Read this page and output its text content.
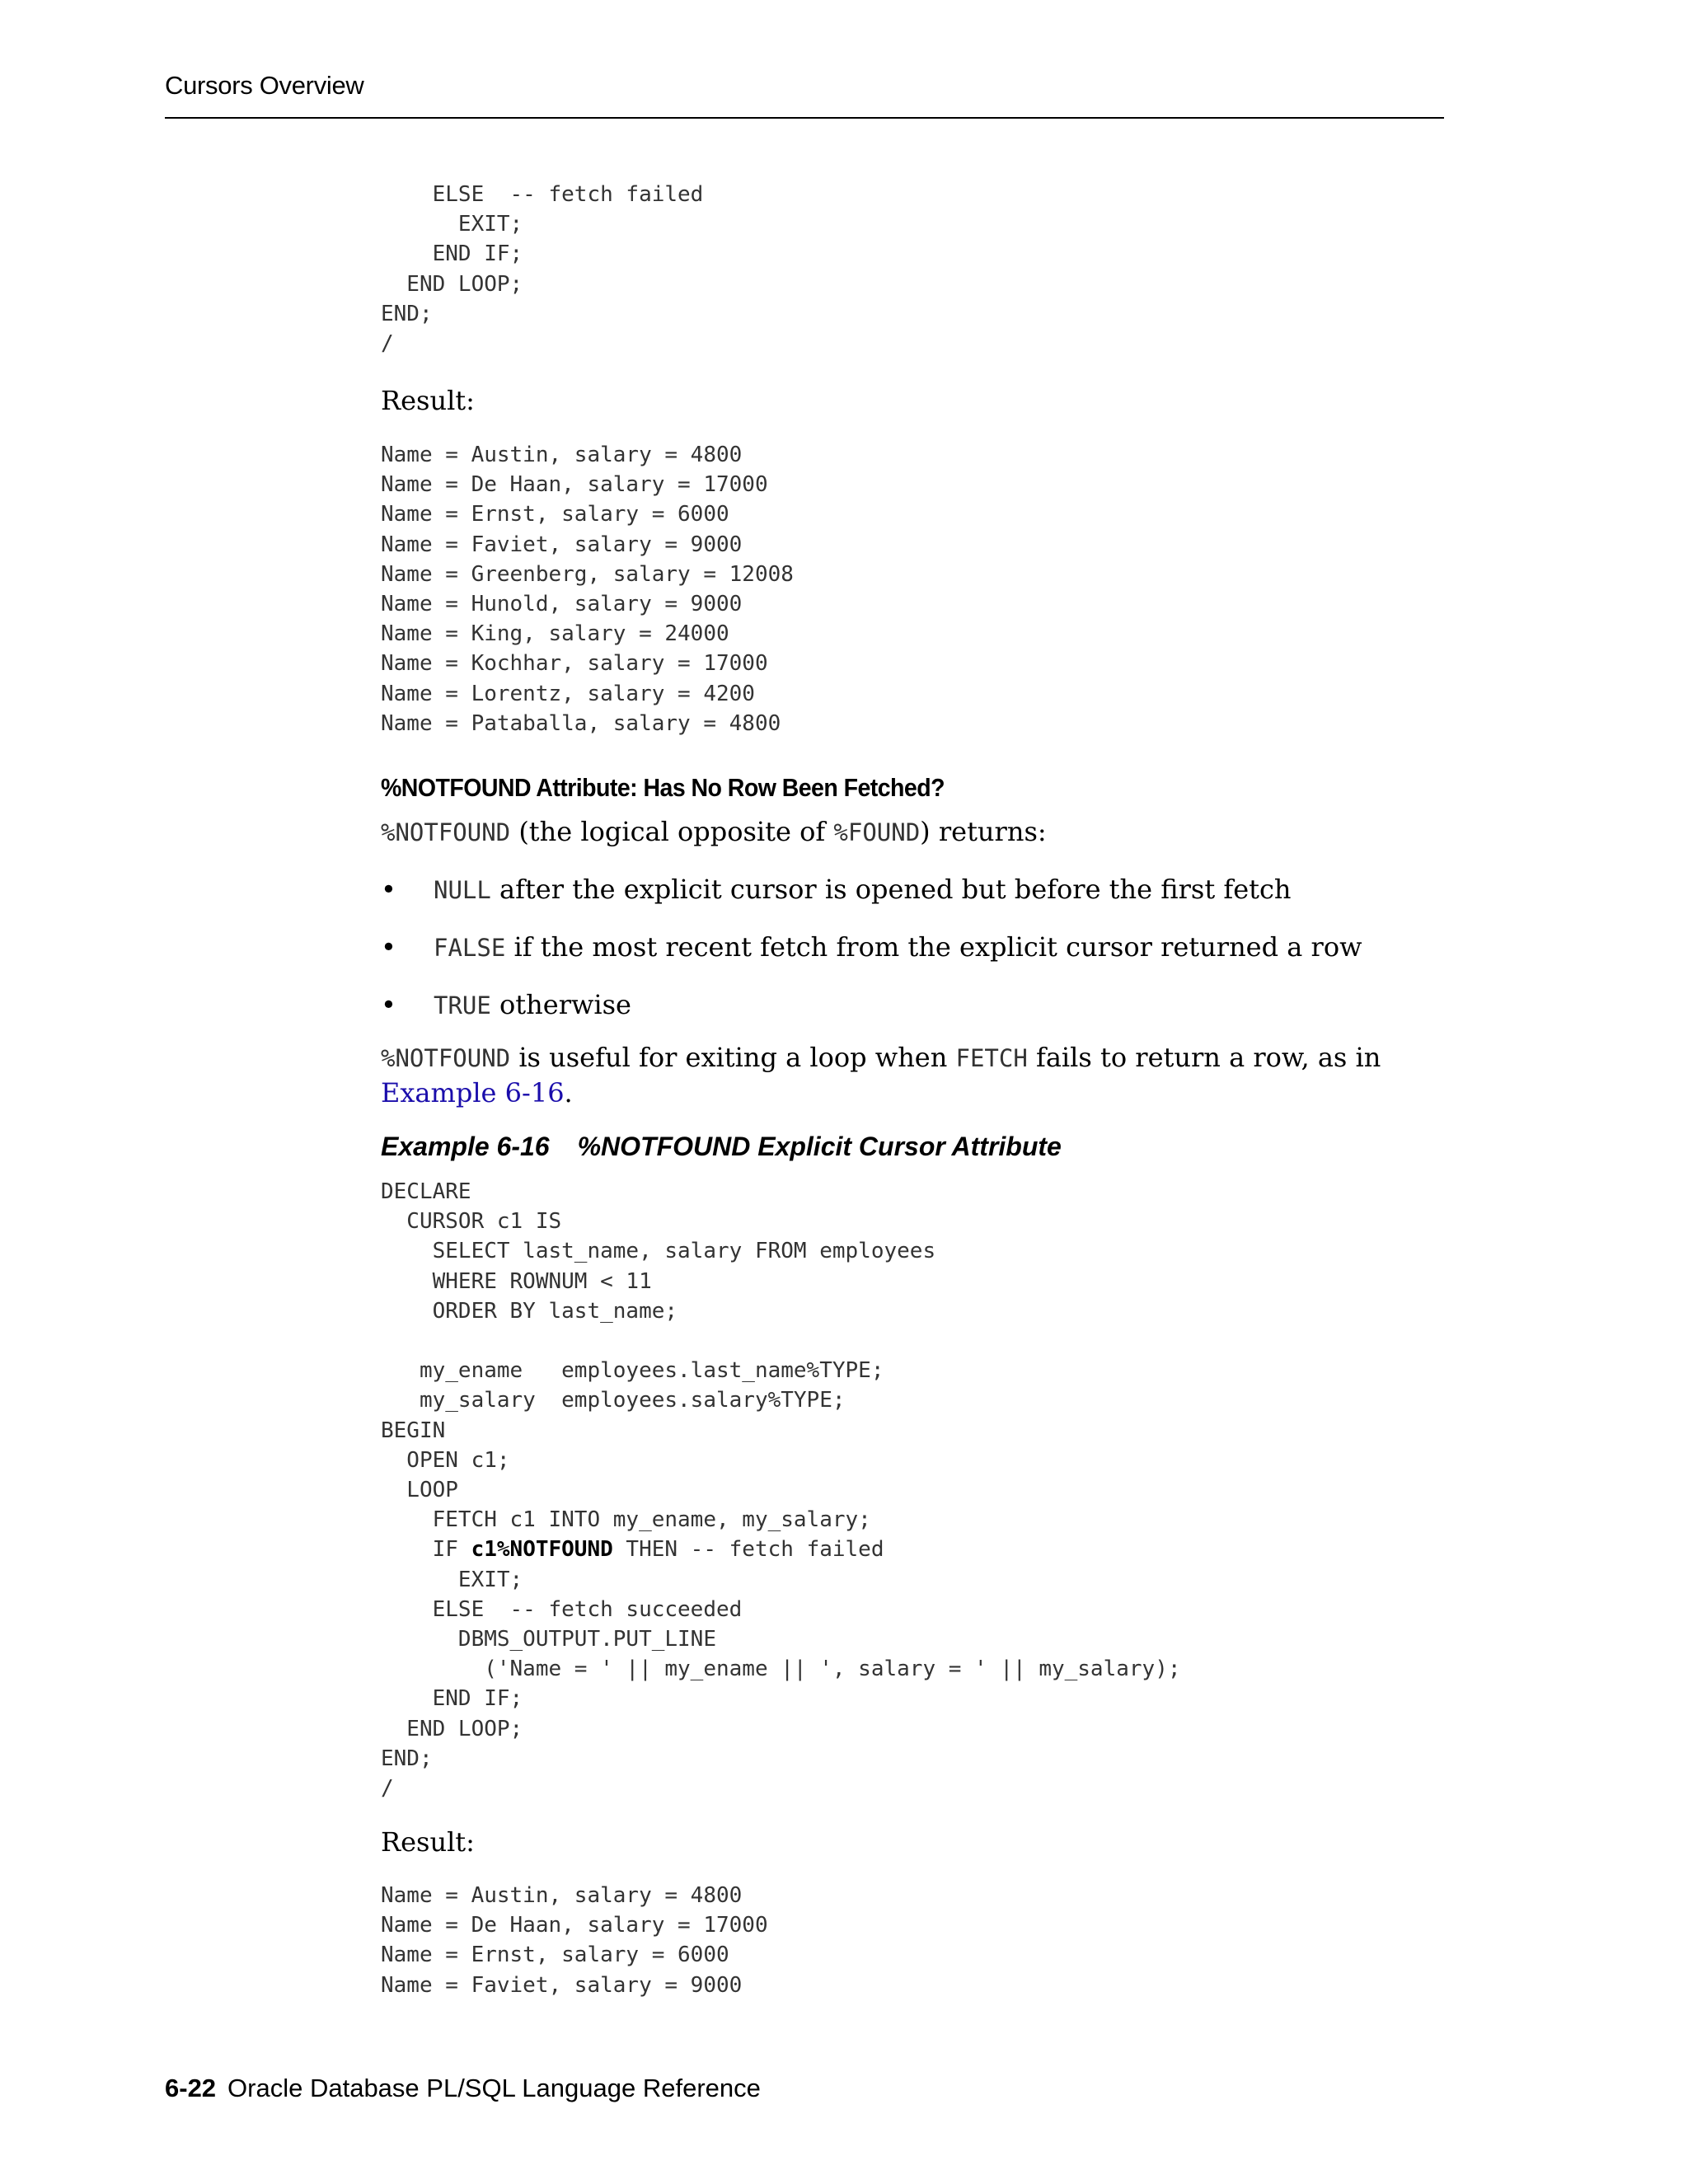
Cursors Overview
ELSE  -- fetch failed
EXIT;
END IF;
END LOOP;
END;
/
Result:
Name = Austin, salary = 4800
Name = De Haan, salary = 17000
Name = Ernst, salary = 6000
Name = Faviet, salary = 9000
Name = Greenberg, salary = 12008
Name = Hunold, salary = 9000
Name = King, salary = 24000
Name = Kochhar, salary = 17000
Name = Lorentz, salary = 4200
Name = Pataballa, salary = 4800
%NOTFOUND Attribute: Has No Row Been Fetched?
%NOTFOUND (the logical opposite of %FOUND) returns:
• NULL after the explicit cursor is opened but before the first fetch
• FALSE if the most recent fetch from the explicit cursor returned a row
• TRUE otherwise
%NOTFOUND is useful for exiting a loop when FETCH fails to return a row, as in
Example 6-16.
Example 6-16 %NOTFOUND Explicit Cursor Attribute
DECLARE
CURSOR c1 IS
SELECT last_name, salary FROM employees
WHERE ROWNUM < 11
ORDER BY last_name;

my_ename   employees.last_name%TYPE;
my_salary  employees.salary%TYPE;
BEGIN
OPEN c1;
LOOP
FETCH c1 INTO my_ename, my_salary;
IF c1%NOTFOUND THEN -- fetch failed
EXIT;
ELSE  -- fetch succeeded
DBMS_OUTPUT.PUT_LINE
('Name = ' || my_ename || ', salary = ' || my_salary);
END IF;
END LOOP;
END;
/
Result:
Name = Austin, salary = 4800
Name = De Haan, salary = 17000
Name = Ernst, salary = 6000
Name = Faviet, salary = 9000
6-22 Oracle Database PL/SQL Language Reference
